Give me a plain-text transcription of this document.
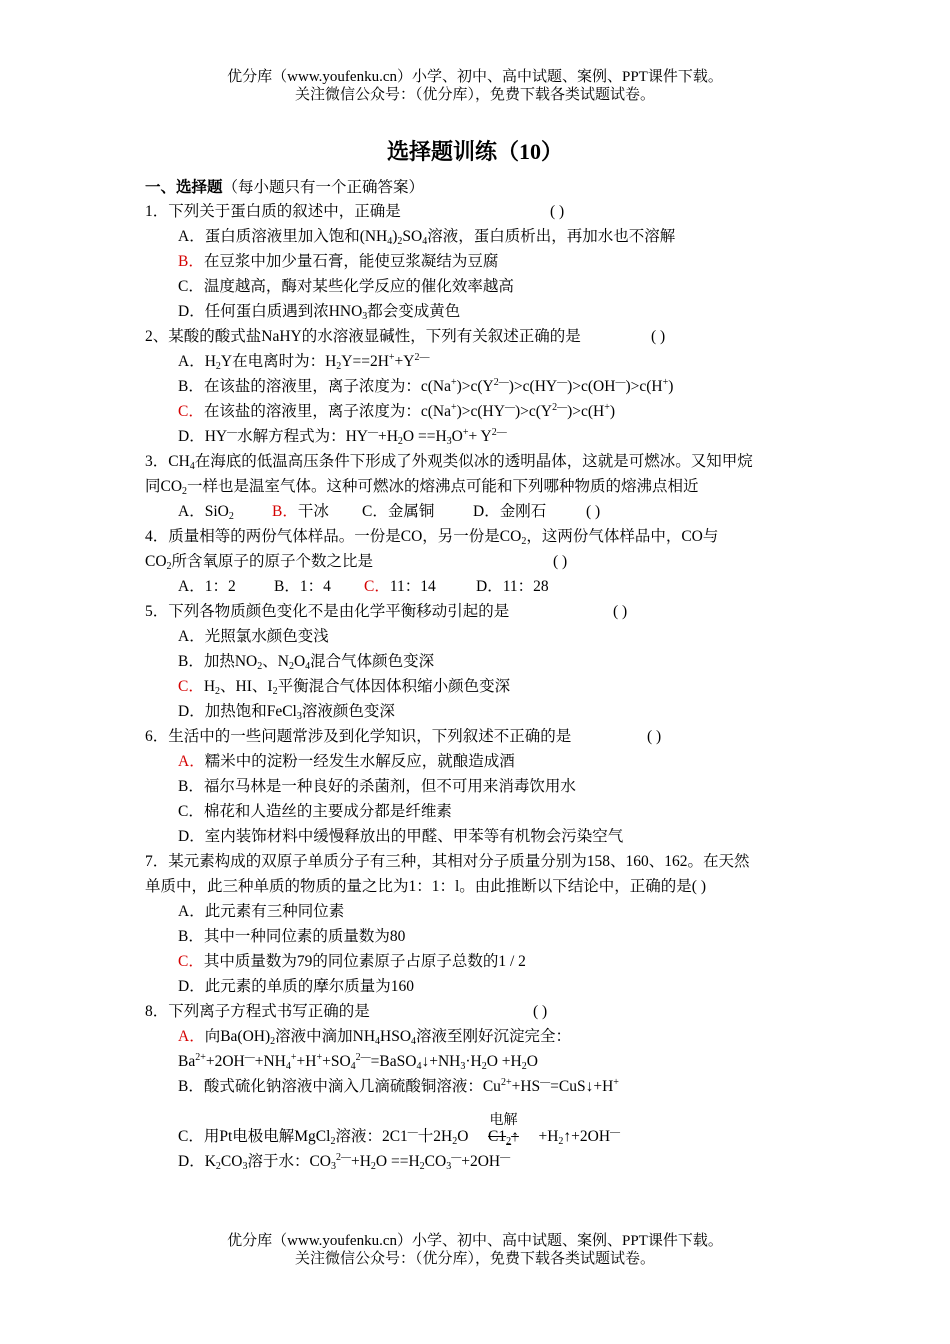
优分库（www.youfenku.cn）小学、初中、高中试题、案例、PPT课件下载。
关注微信公众号：（优分库），免费下载各类试题试卷。
选择题训练（10）
一、选择题（每小题只有一个正确答案）
1．下列关于蛋白质的叙述中，正确是	( )
A．蛋白质溶液里加入饱和$(NH_4)_2SO_4$溶液，蛋白质析出，再加水也不溶解
B．在豆浆中加少量石膏，能使豆浆凝结为豆腐
C．温度越高，酶对某些化学反应的催化效率越高
D．任何蛋白质遇到浓$HNO_3$都会变成黄色
2、某酸的酸式盐NaHY的水溶液显碱性，下列有关叙述正确的是	( )
A．$H_2Y$在电离时为：$H_2Y==2H^++Y^{2—}$
B．在该盐的溶液里，离子浓度为：$c(Na^+)>c(Y^{2—})>c(HY^—)>c(OH^—)>c(H^+)$
C．在该盐的溶液里，离子浓度为：$c(Na^+)>c(HY^—)>c(Y^{2—})>c(H^+)$
D．HY—水解方程式为：$HY^—+H_2O ==H_3O^++ Y^{2—}$
3．$CH_4$在海底的低温高压条件下形成了外观类似冰的透明晶体，这就是可燃冰。又知甲烷
同$CO_2$一样也是温室气体。这种可燃冰的熔沸点可能和下列哪种物质的熔沸点相近
A．SiO$_2$ B．干冰 C．金属铜 D．金刚石	( )
4．质量相等的两份气体样品。一份是CO，另一份是$CO_2$，这两份气体样品中，CO与
$CO_2$所含氧原子的原子个数之比是	( )
A．1：2 B．1：4 C．11：14	D．11：28
5．下列各物质颜色变化不是由化学平衡移动引起的是	( )
A．光照氯水颜色变浅
B．加热$NO_2$、$N_2O_4$混合气体颜色变深
C．$H_2$、HI、$I_2$平衡混合气体因体积缩小颜色变深
D．加热饱和FeCl$_3$溶液颜色变深
6．生活中的一些问题常涉及到化学知识，下列叙述不正确的是	( )
A．糯米中的淀粉一经发生水解反应，就酿造成酒
B．福尔马林是一种良好的杀菌剂，但不可用来消毒饮用水
C．棉花和人造丝的主要成分都是纤维素
D．室内装饰材料中缓慢释放出的甲醛、甲苯等有机物会污染空气
7．某元素构成的双原子单质分子有三种，其相对分子质量分别为158、160、162。在天然
单质中，此三种单质的物质的量之比为1：1：l。由此推断以下结论中，正确的是( )
A．此元素有三种同位素
B．其中一种同位素的质量数为80
C．其中质量数为79的同位素原子占原子总数的1 / 2
D．此元素的单质的摩尔质量为160
8．下列离子方程式书写正确的是	( )
A．向$Ba(OH)_2$溶液中滴加$NH_4HSO_4$溶液至刚好沉淀完全：
$Ba^{2+}+2OH^—+NH_4^++H^++SO_4^{2—}=BaSO_4↓+NH_3\cdot H_2O +H_2O$
B．酸式硫化钠溶液中滴入几滴硫酸铜溶液：$Cu^{2+}+HS^—=CuS↓+H^+$
C．用Pt电极电解MgCl$_2$溶液：2C1—十$2H_2O$
电解
$C1_2↑$ $+H_2↑+2OH^—$
D．$K_2CO_3$溶于水：$CO_3^{2—}+H_2O ==H_2CO_3^—+2OH^—$
优分库（www.youfenku.cn）小学、初中、高中试题、案例、PPT课件下载。
关注微信公众号：（优分库），免费下载各类试题试卷。
